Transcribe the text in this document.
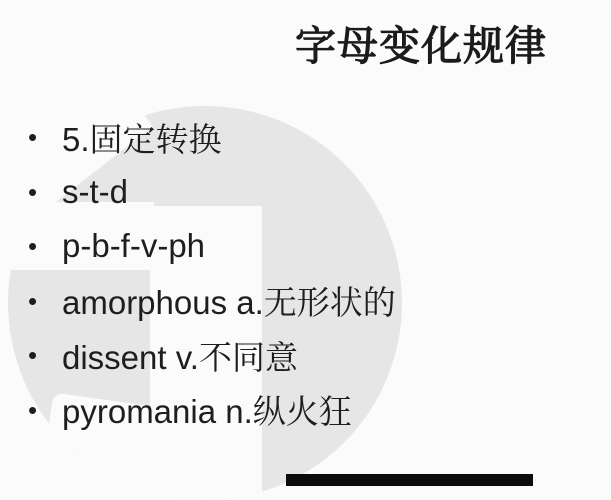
字母变化规律
• 5.固定转换
• s-t-d
• p-b-f-v-ph
• amorphous a.无形状的
• dissent v.不同意
• pyromania n.纵火狂
